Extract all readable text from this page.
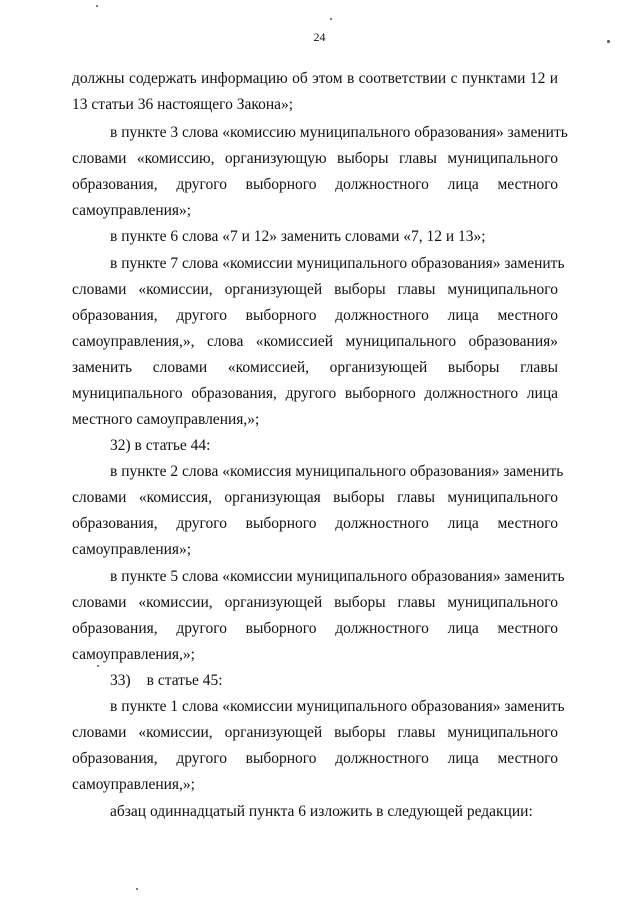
24
должны содержать информацию об этом в соответствии с пунктами 12 и
13 статьи 36 настоящего Закона»;
в пункте 3 слова «комиссию муниципального образования» заменить
словами «комиссию, организующую выборы главы муниципального
образования, другого выборного должностного лица местного
самоуправления»;
в пункте 6 слова «7 и 12» заменить словами «7, 12 и 13»;
в пункте 7 слова «комиссии муниципального образования» заменить
словами «комиссии, организующей выборы главы муниципального
образования, другого выборного должностного лица местного
самоуправления,», слова «комиссией муниципального образования»
заменить словами «комиссией, организующей выборы главы
муниципального образования, другого выборного должностного лица
местного самоуправления,»;
32) в статье 44:
в пункте 2 слова «комиссия муниципального образования» заменить
словами «комиссия, организующая выборы главы муниципального
образования, другого выборного должностного лица местного
самоуправления»;
в пункте 5 слова «комиссии муниципального образования» заменить
словами «комиссии, организующей выборы главы муниципального
образования, другого выборного должностного лица местного
самоуправления,»;
33) в статье 45:
в пункте 1 слова «комиссии муниципального образования» заменить
словами «комиссии, организующей выборы главы муниципального
образования, другого выборного должностного лица местного
самоуправления,»;
абзац одиннадцатый пункта 6 изложить в следующей редакции:
